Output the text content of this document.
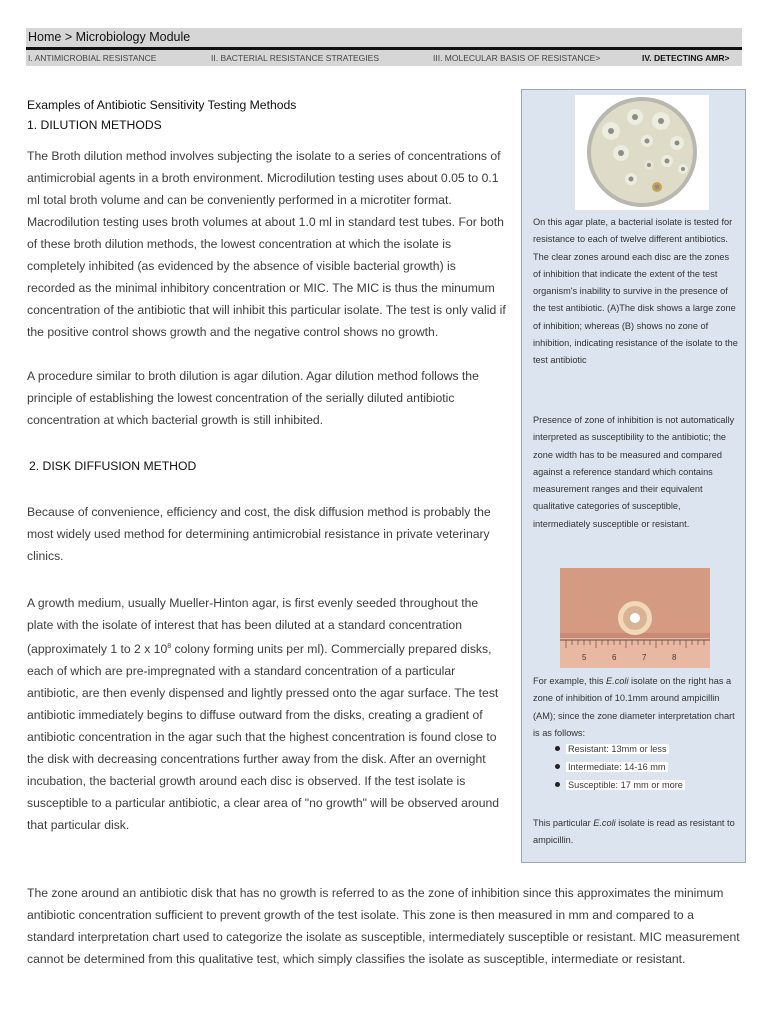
Home > Microbiology Module
I. ANTIMICROBIAL RESISTANCE	II. BACTERIAL RESISTANCE STRATEGIES	III. MOLECULAR BASIS OF RESISTANCE>	IV. DETECTING AMR>
Examples of Antibiotic Sensitivity Testing Methods
1. DILUTION METHODS

The Broth dilution method involves subjecting the isolate to a series of concentrations of antimicrobial agents in a broth environment. Microdilution testing uses about 0.05 to 0.1 ml total broth volume and can be conveniently performed in a microtiter format. Macrodilution testing uses broth volumes at about 1.0 ml in standard test tubes. For both of these broth dilution methods, the lowest concentration at which the isolate is completely inhibited (as evidenced by the absence of visible bacterial growth) is recorded as the minimal inhibitory concentration or MIC. The MIC is thus the minumum concentration of the antibiotic that will inhibit this particular isolate. The test is only valid if the positive control shows growth and the negative control shows no growth.

A procedure similar to broth dilution is agar dilution. Agar dilution method follows the principle of establishing the lowest concentration of the serially diluted antibiotic concentration at which bacterial growth is still inhibited.

2. DISK DIFFUSION METHOD

Because of convenience, efficiency and cost, the disk diffusion method is probably the most widely used method for determining antimicrobial resistance in private veterinary clinics.

A growth medium, usually Mueller-Hinton agar, is first evenly seeded throughout the plate with the isolate of interest that has been diluted at a standard concentration (approximately 1 to 2 x $10^8$ colony forming units per ml). Commercially prepared disks, each of which are pre-impregnated with a standard concentration of a particular antibiotic, are then evenly dispensed and lightly pressed onto the agar surface. The test antibiotic immediately begins to diffuse outward from the disks, creating a gradient of antibiotic concentration in the agar such that the highest concentration is found close to the disk with decreasing concentrations further away from the disk. After an overnight incubation, the bacterial growth around each disc is observed. If the test isolate is susceptible to a particular antibiotic, a clear area of "no growth" will be observed around that particular disk.

The zone around an antibiotic disk that has no growth is referred to as the zone of inhibition since this approximates the minimum antibiotic concentration sufficient to prevent growth of the test isolate. This zone is then measured in mm and compared to a standard interpretation chart used to categorize the isolate as susceptible, intermediately susceptible or resistant. MIC measurement cannot be determined from this qualitative test, which simply classifies the isolate as susceptible, intermediate or resistant.

On this agar plate, a bacterial isolate is tested for resistance to each of twelve different antibiotics. The clear zones around each disc are the zones of inhibition that indicate the extent of the test organism's inability to survive in the presence of the test antibiotic. (A)The disk shows a large zone of inhibition; whereas (B) shows no zone of inhibition, indicating resistance of the isolate to the test antibiotic
Presence of zone of inhibition is not automatically interpreted as susceptibility to the antibiotic; the zone width has to be measured and compared against a reference standard which contains measurement ranges and their equivalent qualitative categories of susceptible, intermediately susceptible or resistant.
5	6	7	8
For example, this E.coli isolate on the right has a zone of inhibition of 10.1mm around ampicillin (AM); since the zone diameter interpretation chart is as follows:
Resistant: 13mm or less
Intermediate: 14-16 mm
Susceptible: 17 mm or more
This particular E.coli isolate is read as resistant to ampicillin.
